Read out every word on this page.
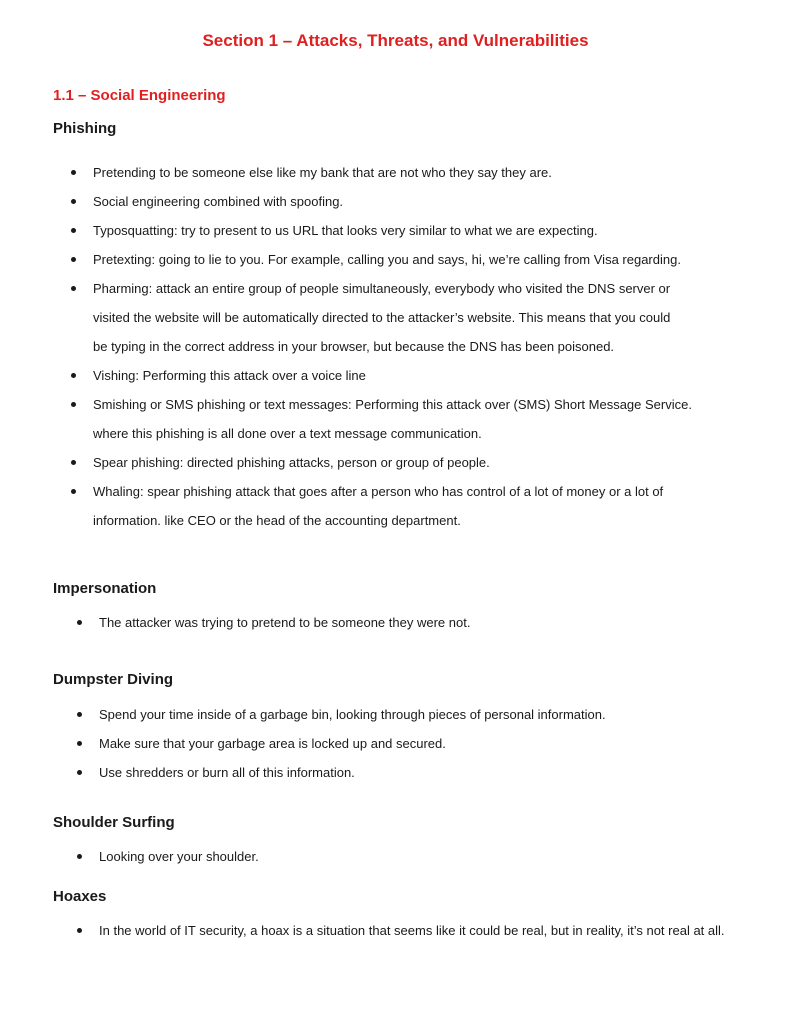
Section 1 – Attacks, Threats, and Vulnerabilities
1.1 – Social Engineering
Phishing
Pretending to be someone else like my bank that are not who they say they are.
Social engineering combined with spoofing.
Typosquatting: try to present to us URL that looks very similar to what we are expecting.
Pretexting: going to lie to you. For example, calling you and says, hi, we’re calling from Visa regarding.
Pharming: attack an entire group of people simultaneously, everybody who visited the DNS server or
visited the website will be automatically directed to the attacker’s website. This means that you could
be typing in the correct address in your browser, but because the DNS has been poisoned.
Vishing: Performing this attack over a voice line
Smishing or SMS phishing or text messages: Performing this attack over (SMS) Short Message Service.
where this phishing is all done over a text message communication.
Spear phishing: directed phishing attacks, person or group of people.
Whaling: spear phishing attack that goes after a person who has control of a lot of money or a lot of
information. like CEO or the head of the accounting department.
Impersonation
The attacker was trying to pretend to be someone they were not.
Dumpster Diving
Spend your time inside of a garbage bin, looking through pieces of personal information.
Make sure that your garbage area is locked up and secured.
Use shredders or burn all of this information.
Shoulder Surfing
Looking over your shoulder.
Hoaxes
In the world of IT security, a hoax is a situation that seems like it could be real, but in reality, it’s not real at all.
